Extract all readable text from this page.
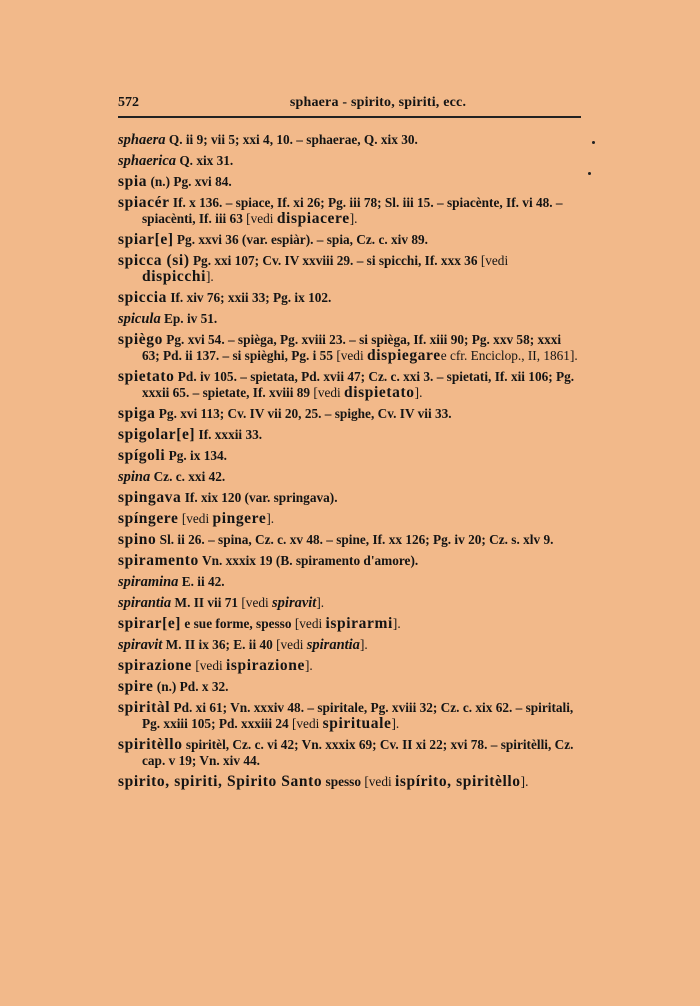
572	sphaera - spirito, spiriti, ecc.
sphaera Q. ii 9; vii 5; xxi 4, 10. – sphaerae, Q. xix 30.
sphaerica Q. xix 31.
spia (n.) Pg. xvi 84.
spiacér If. x 136. – spiace, If. xi 26; Pg. iii 78; Sl. iii 15. – spiacènte, If. vi 48. – spiacènti, If. iii 63 [vedi dispiacere].
spiar[e] Pg. xxvi 36 (var. espiàr). – spia, Cz. c. xiv 89.
spicca (si) Pg. xxi 107; Cv. IV xxviii 29. – si spicchi, If. xxx 36 [vedi dispicchi].
spiccia If. xiv 76; xxii 33; Pg. ix 102.
spicula Ep. iv 51.
spiègo Pg. xvi 54. – spièga, Pg. xviii 23. – si spièga, If. xiii 90; Pg. xxv 58; xxxi 63; Pd. ii 137. – si spièghi, Pg. i 55 [vedi dispiegaree cfr. Enciclop., II, 1861].
spietato Pd. iv 105. – spietata, Pd. xvii 47; Cz. c. xxi 3. – spietati, If. xii 106; Pg. xxxii 65. – spietate, If. xviii 89 [vedi dispietato].
spiga Pg. xvi 113; Cv. IV vii 20, 25. – spighe, Cv. IV vii 33.
spigolar[e] If. xxxii 33.
spígoli Pg. ix 134.
spina Cz. c. xxi 42.
spingava If. xix 120 (var. springava).
spíngere [vedi pingere].
spino Sl. ii 26. – spina, Cz. c. xv 48. – spine, If. xx 126; Pg. iv 20; Cz. s. xlv 9.
spiramento Vn. xxxix 19 (B. spiramento d'amore).
spiramina E. ii 42.
spirantia M. II vii 71 [vedi spiravit].
spirar[e] e sue forme, spesso [vedi ispirarmi].
spiravit M. II ix 36; E. ii 40 [vedi spirantia].
spirazione [vedi ispirazione].
spire (n.) Pd. x 32.
spiritàl Pd. xi 61; Vn. xxxiv 48. – spiritale, Pg. xviii 32; Cz. c. xix 62. – spiritali, Pg. xxiii 105; Pd. xxxiii 24 [vedi spirituale].
spiritèllo spiritèl, Cz. c. vi 42; Vn. xxxix 69; Cv. II xi 22; xvi 78. – spiritèlli, Cz. cap. v 19; Vn. xiv 44.
spirito, spiriti, Spirito Santo spesso [vedi ispírito, spiritèllo].
